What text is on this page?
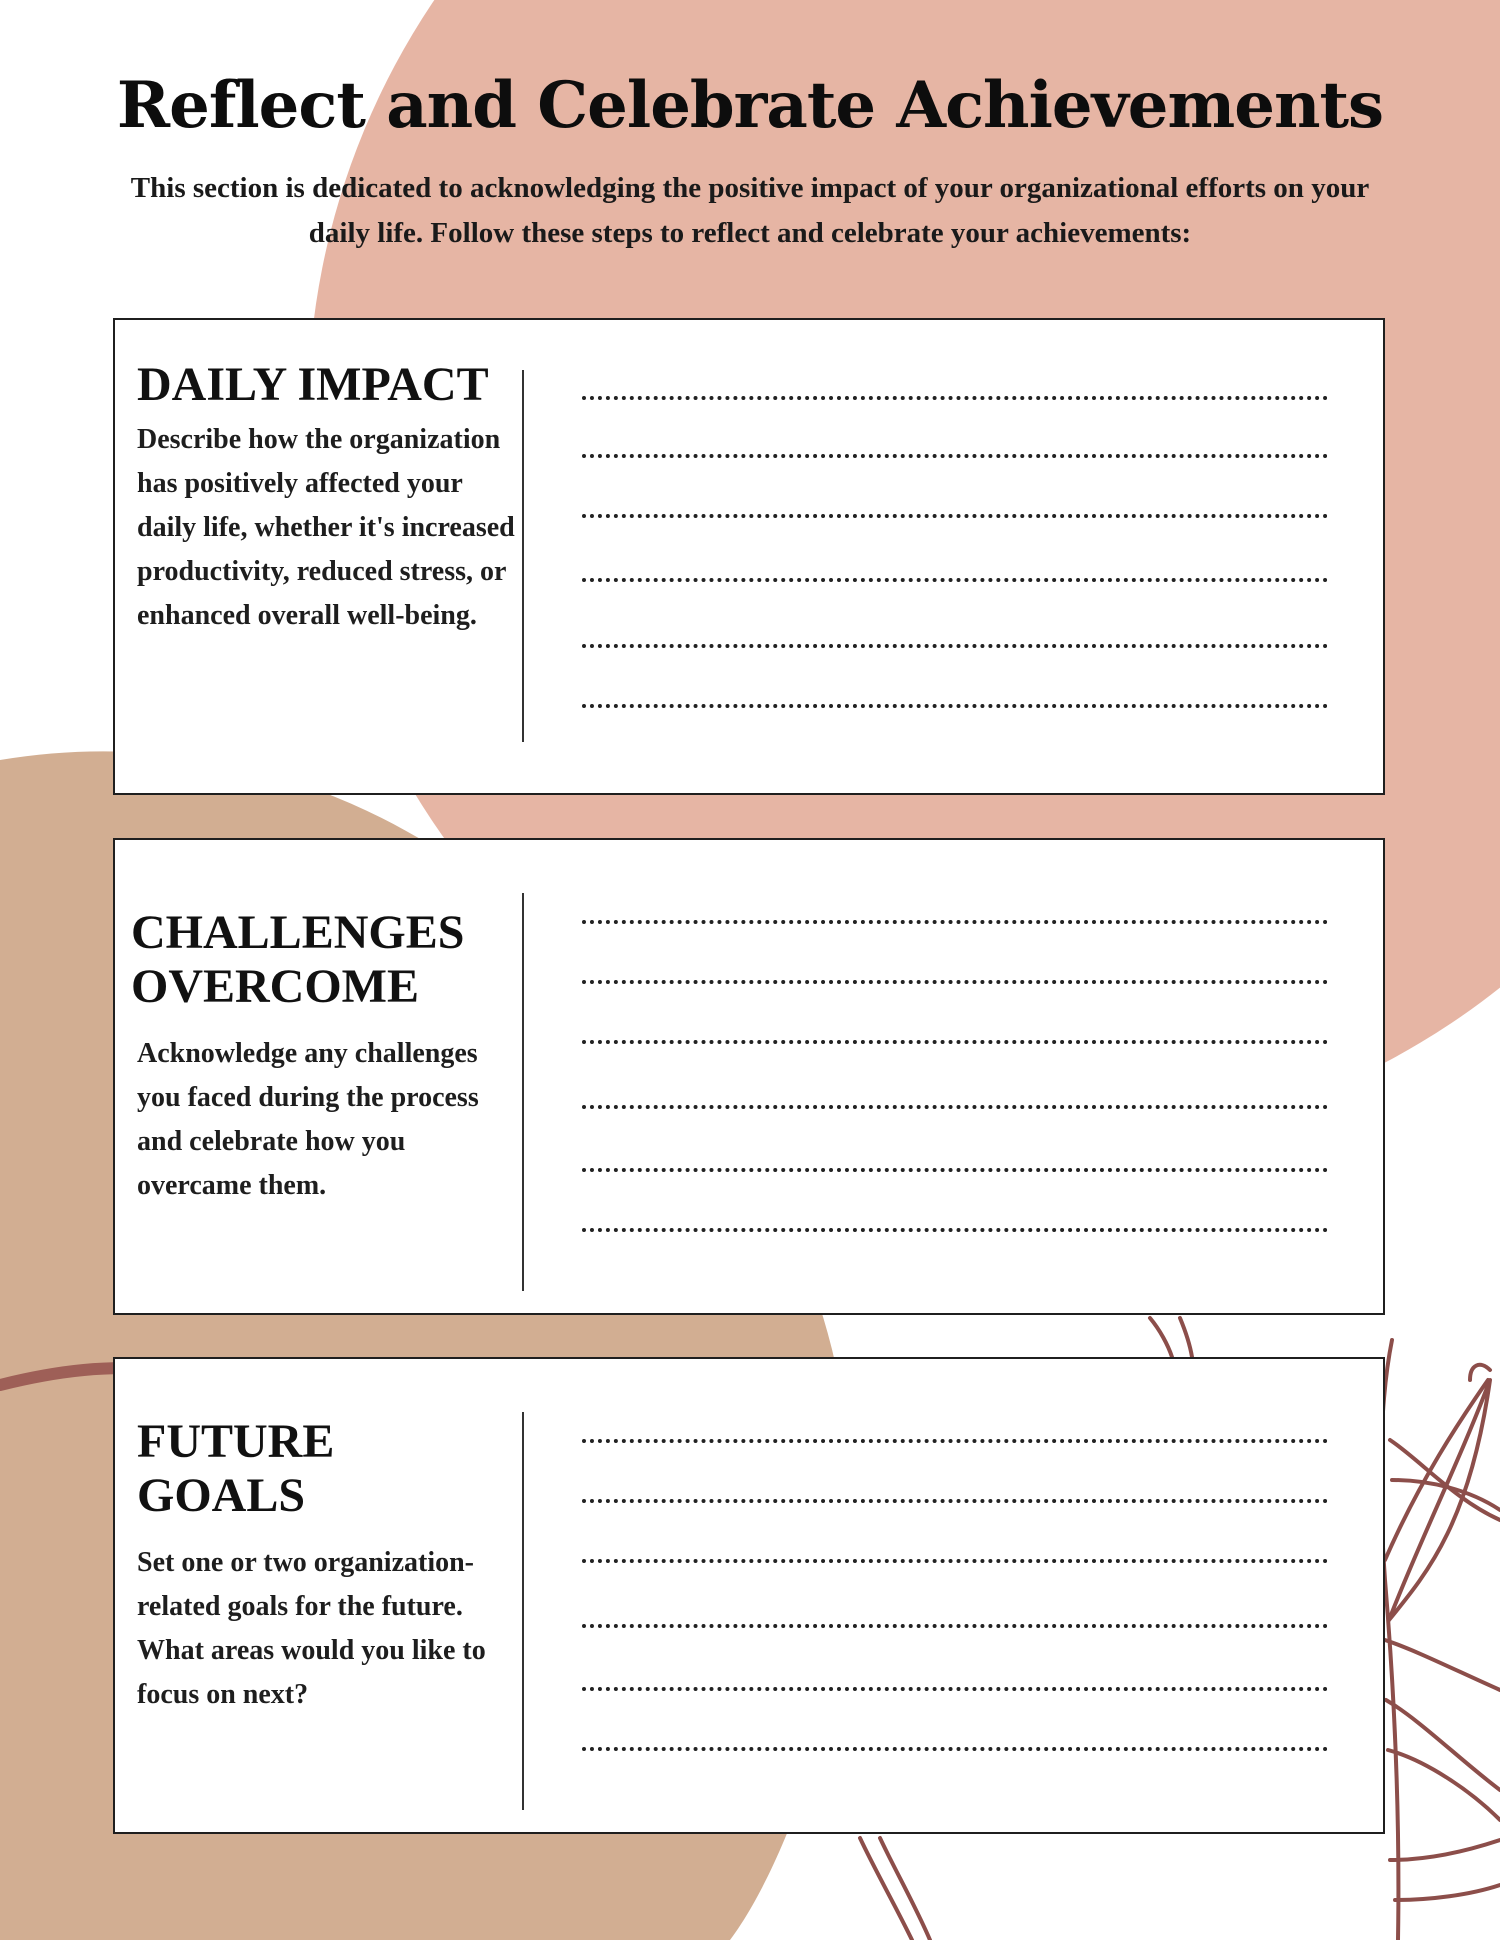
Reflect and Celebrate Achievements

This section is dedicated to acknowledging the positive impact of your organizational efforts on your daily life. Follow these steps to reflect and celebrate your achievements:

DAILY IMPACT

Describe how the organization has positively affected your daily life, whether it's increased productivity, reduced stress, or enhanced overall well-being.

CHALLENGES
OVERCOME

Acknowledge any challenges you faced during the process and celebrate how you overcame them.

FUTURE
GOALS

Set one or two organization-related goals for the future. What areas would you like to focus on next?
